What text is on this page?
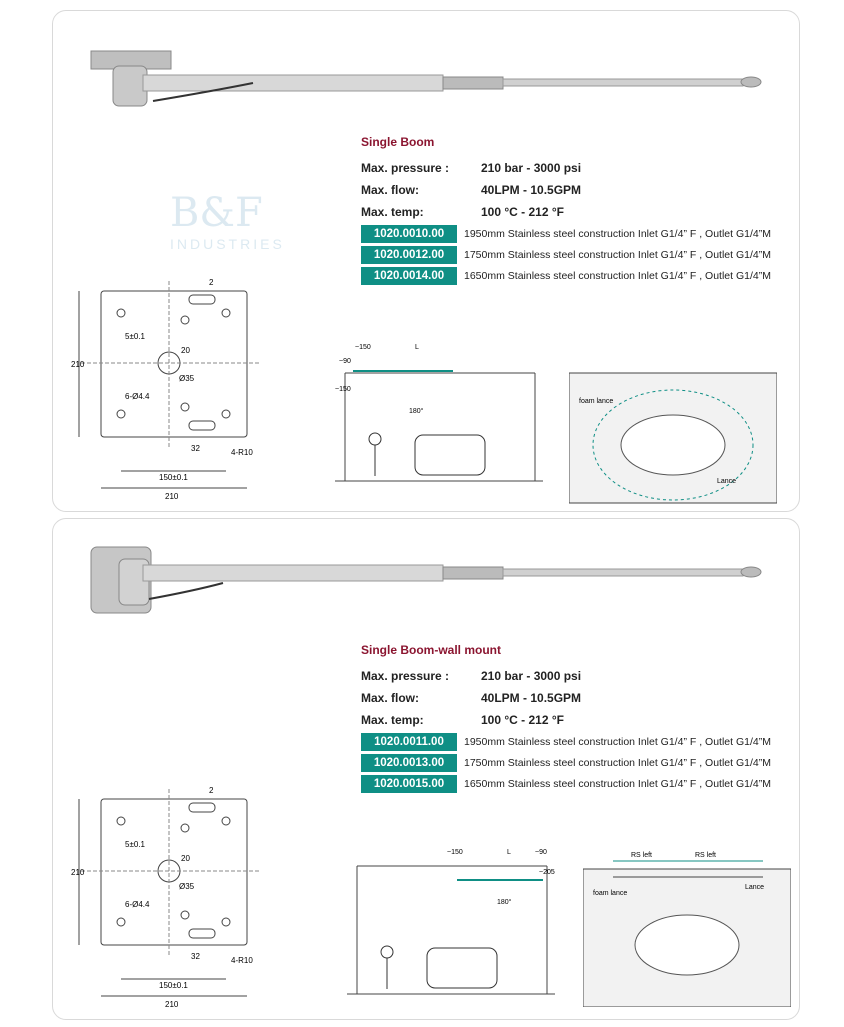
Single Boom
Max. pressure :	210 bar - 3000 psi
Max. flow:	40LPM - 10.5GPM
Max. temp:	100 °C - 212 °F
1020.0010.00	1950mm Stainless steel construction Inlet G1/4” F , Outlet G1/4”M
1020.0012.00	1750mm Stainless steel construction Inlet G1/4” F , Outlet G1/4”M
1020.0014.00	1650mm Stainless steel construction Inlet G1/4” F , Outlet G1/4”M
210
210
150±0.1
5±0.1
20
Ø35
6-Ø4.4
32	4-R10
2
~150	L
~90
~150
180°
foam lance
Lance
Single Boom-wall mount
Max. pressure :	210 bar - 3000 psi
Max. flow:	40LPM - 10.5GPM
Max. temp:	100 °C - 212 °F
1020.0011.00	1950mm Stainless steel construction Inlet G1/4” F , Outlet G1/4”M
1020.0013.00	1750mm Stainless steel construction Inlet G1/4” F , Outlet G1/4”M
1020.0015.00	1650mm Stainless steel construction Inlet G1/4” F , Outlet G1/4”M
210
210
150±0.1
5±0.1
20
Ø35
6-Ø4.4
32	4-R10
2
~150	L	~90
~205
180°
RS left	RS left
foam lance
Lance
B&F
INDUSTRIES
